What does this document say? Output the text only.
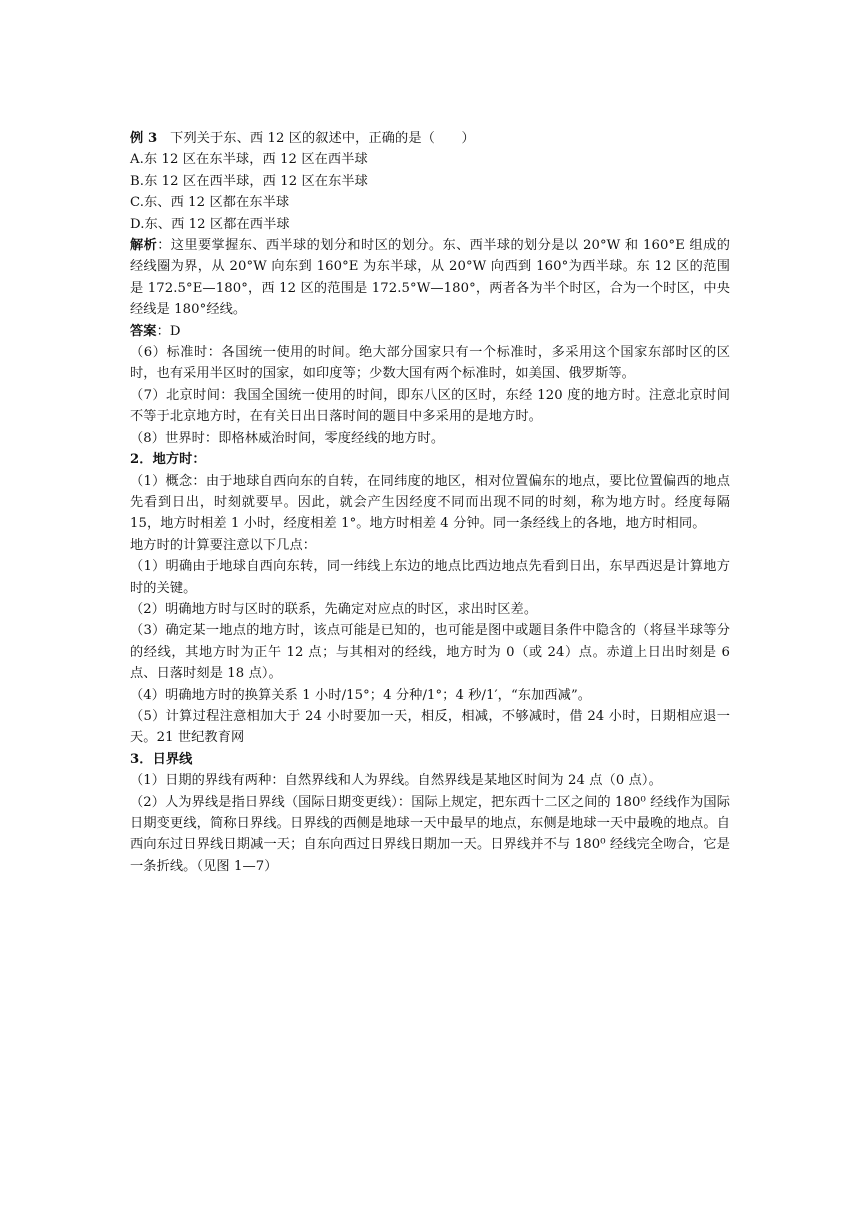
例 3 下列关于东、西 12 区的叙述中，正确的是（　　）
A.东 12 区在东半球，西 12 区在西半球
B.东 12 区在西半球，西 12 区在东半球
C.东、西 12 区都在东半球
D.东、西 12 区都在西半球
解析：这里要掌握东、西半球的划分和时区的划分。东、西半球的划分是以 20°W 和 160°E 组成的经线圈为界，从 20°W 向东到 160°E 为东半球，从 20°W 向西到 160°为西半球。东 12 区的范围是 172.5°E—180°，西 12 区的范围是 172.5°W—180°，两者各为半个时区，合为一个时区，中央经线是 180°经线。
答案：D
（6）标准时：各国统一使用的时间。绝大部分国家只有一个标准时，多采用这个国家东部时区的区时，也有采用半区时的国家，如印度等；少数大国有两个标准时，如美国、俄罗斯等。
（7）北京时间：我国全国统一使用的时间，即东八区的区时，东经 120 度的地方时。注意北京时间不等于北京地方时，在有关日出日落时间的题目中多采用的是地方时。
（8）世界时：即格林威治时间，零度经线的地方时。
2．地方时：
（1）概念：由于地球自西向东的自转，在同纬度的地区，相对位置偏东的地点，要比位置偏西的地点先看到日出，时刻就要早。因此，就会产生因经度不同而出现不同的时刻，称为地方时。经度每隔 15，地方时相差 1 小时，经度相差 1°。地方时相差 4 分钟。同一条经线上的各地，地方时相同。
地方时的计算要注意以下几点：
（1）明确由于地球自西向东转，同一纬线上东边的地点比西边地点先看到日出，东早西迟是计算地方时的关键。
（2）明确地方时与区时的联系，先确定对应点的时区，求出时区差。
（3）确定某一地点的地方时，该点可能是已知的，也可能是图中或题目条件中隐含的（将昼半球等分的经线，其地方时为正午 12 点；与其相对的经线，地方时为 0（或 24）点。赤道上日出时刻是 6 点、日落时刻是 18 点）。
（4）明确地方时的换算关系 1 小时/15°；4 分种/1°；4 秒/1′，“东加西减”。
（5）计算过程注意相加大于 24 小时要加一天，相反，相减，不够减时，借 24 小时，日期相应退一天。21 世纪教育网
3．日界线
（1）日期的界线有两种：自然界线和人为界线。自然界线是某地区时间为 24 点（0 点）。
（2）人为界线是指日界线（国际日期变更线）：国际上规定，把东西十二区之间的 180⁰ 经线作为国际日期变更线，简称日界线。日界线的西侧是地球一天中最早的地点，东侧是地球一天中最晚的地点。自西向东过日界线日期减一天；自东向西过日界线日期加一天。日界线并不与 180⁰ 经线完全吻合，它是一条折线。（见图 1—7）
